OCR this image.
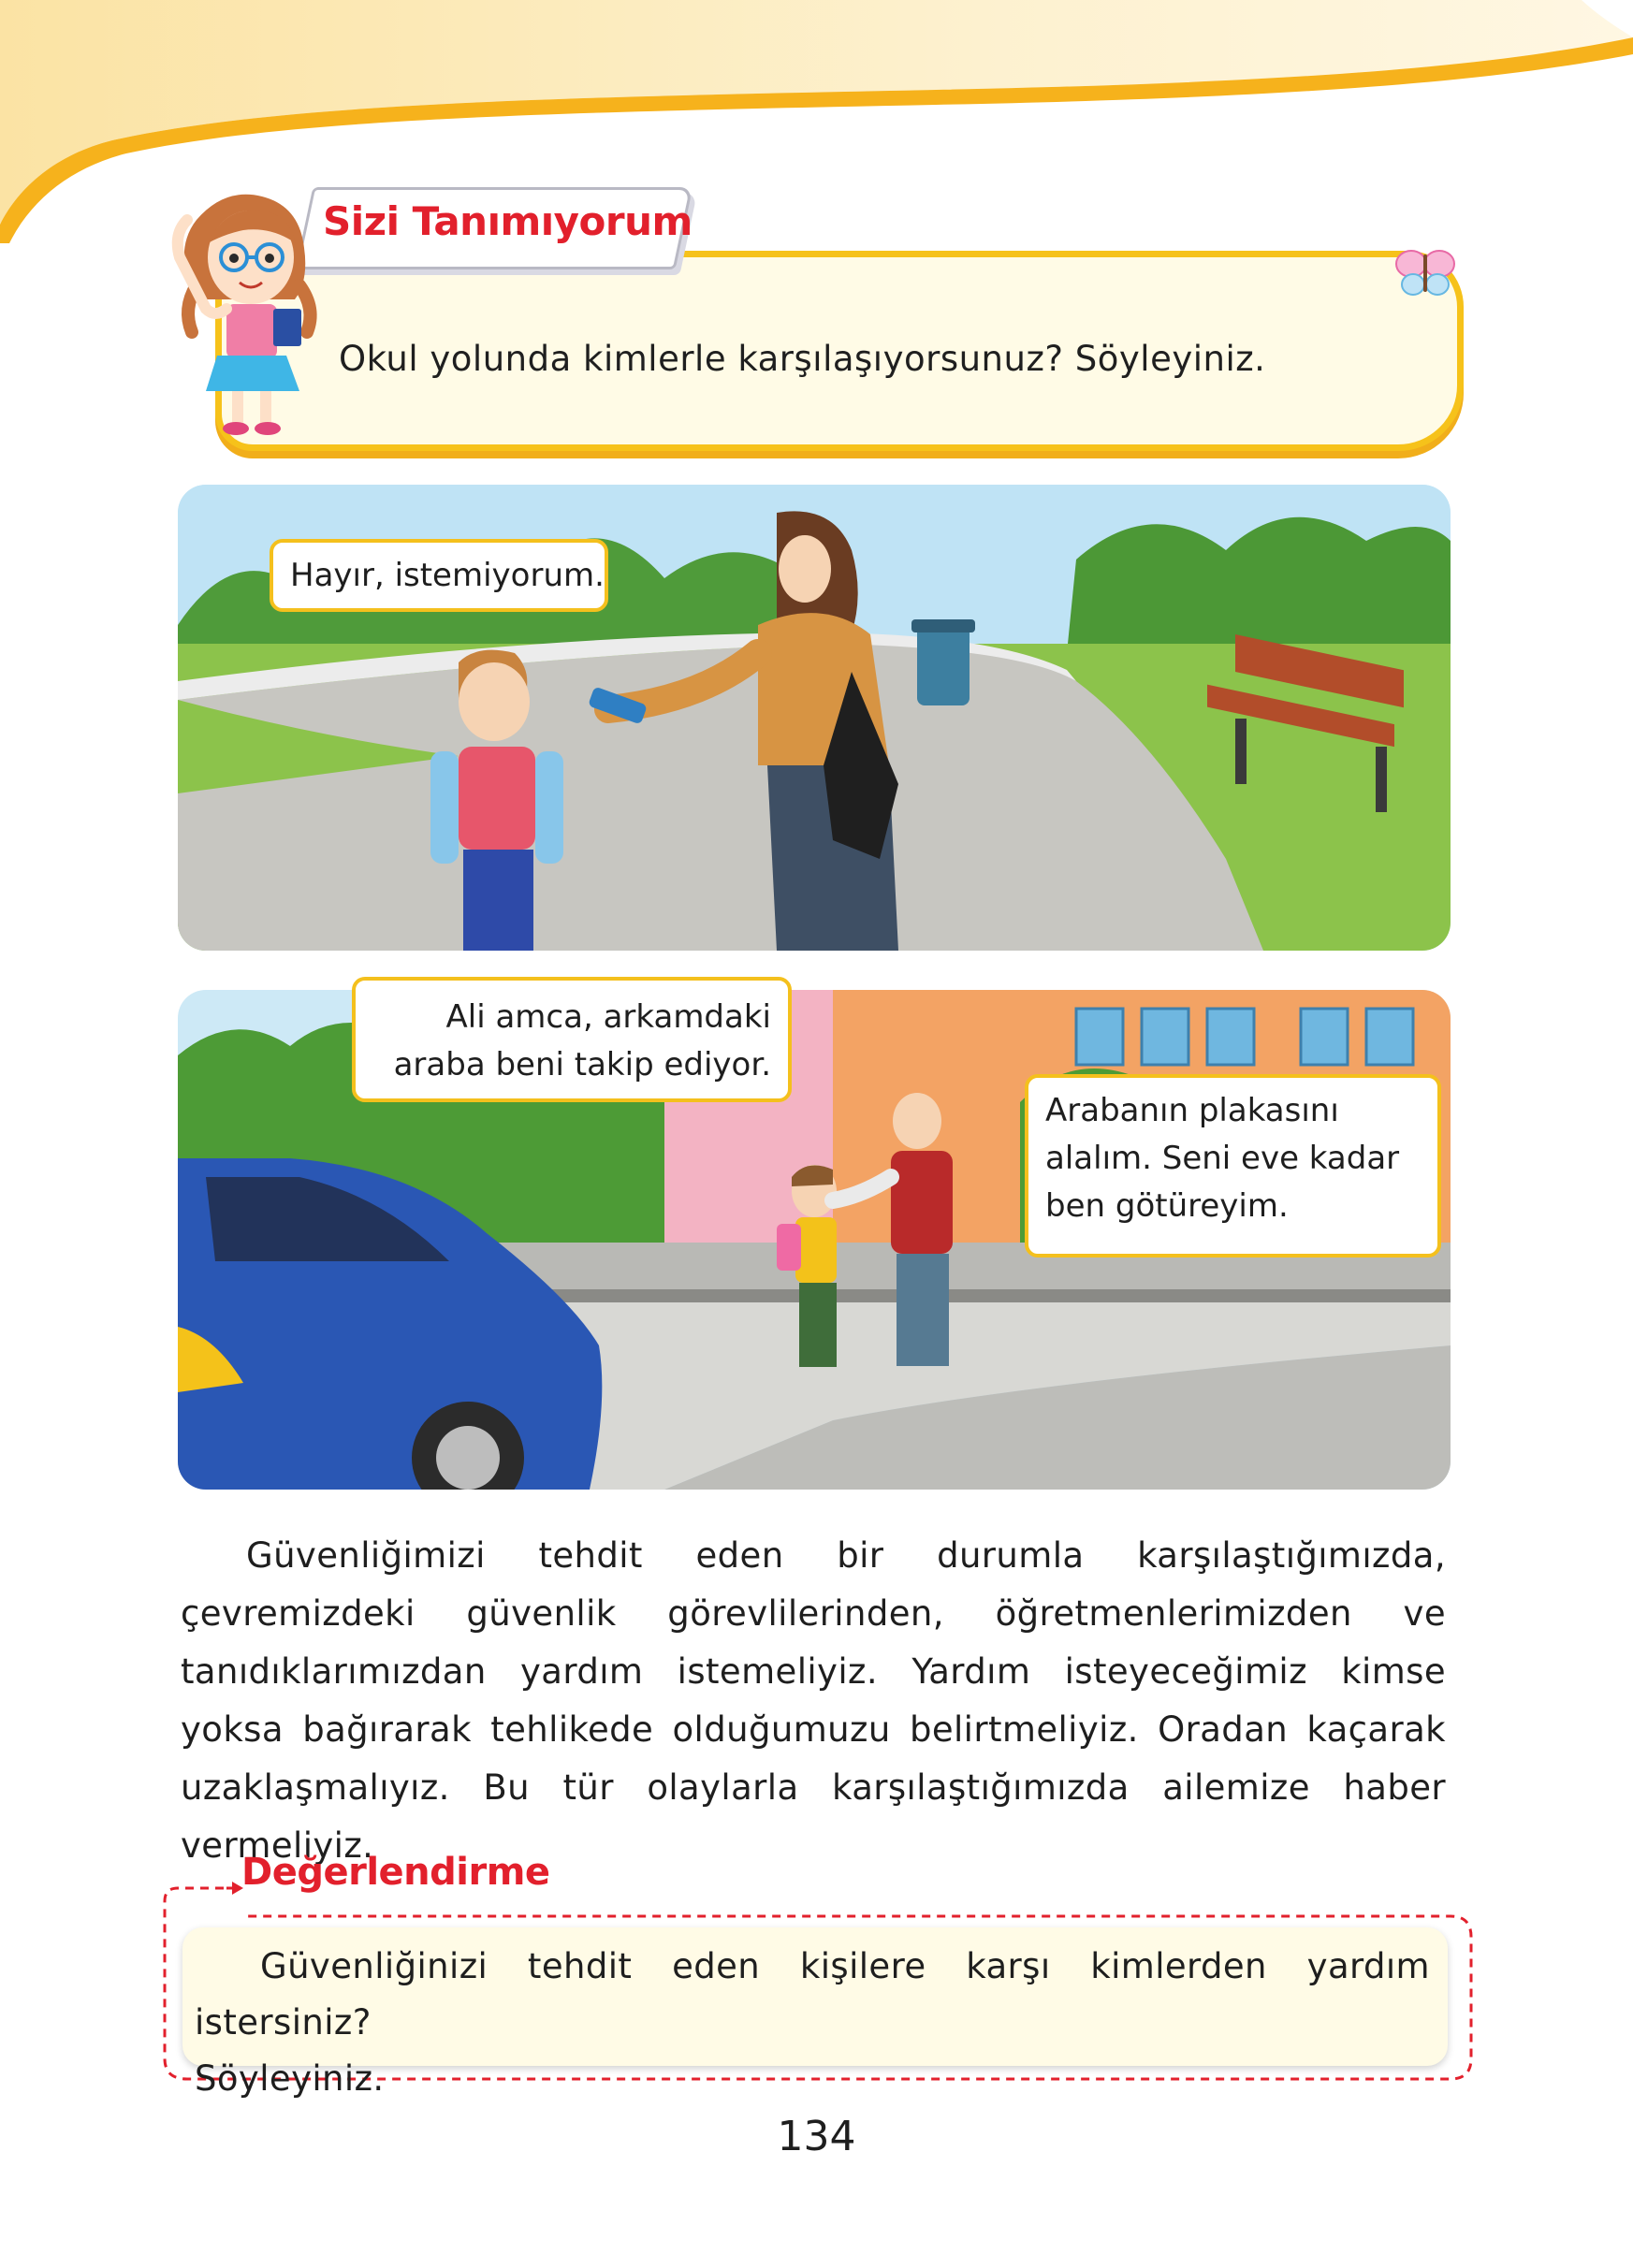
Okul yolunda kimlerle karşılaşıyorsunuz? Söyleyiniz.
Sizi Tanımıyorum
Hayır, istemiyorum.
Ali amca, arkamdaki
araba beni takip ediyor.
Arabanın plakasını
alalım. Seni eve kadar
ben götüreyim.

Güvenliğimizi tehdit eden bir durumla karşılaştığımızda, çevremizdeki güvenlik görevlilerinden, öğretmenlerimizden ve tanıdıklarımızdan yardım istemeliyiz. Yardım isteyeceğimiz kimse yoksa bağırarak tehlikede olduğumuzu belirtmeliyiz. Oradan kaçarak uzaklaşmalıyız. Bu tür olaylarla karşılaştığımızda ailemize haber vermeliyiz.

Değerlendirme
Güvenliğinizi tehdit eden kişilere karşı kimlerden yardım istersiniz?
Söyleyiniz.
134
